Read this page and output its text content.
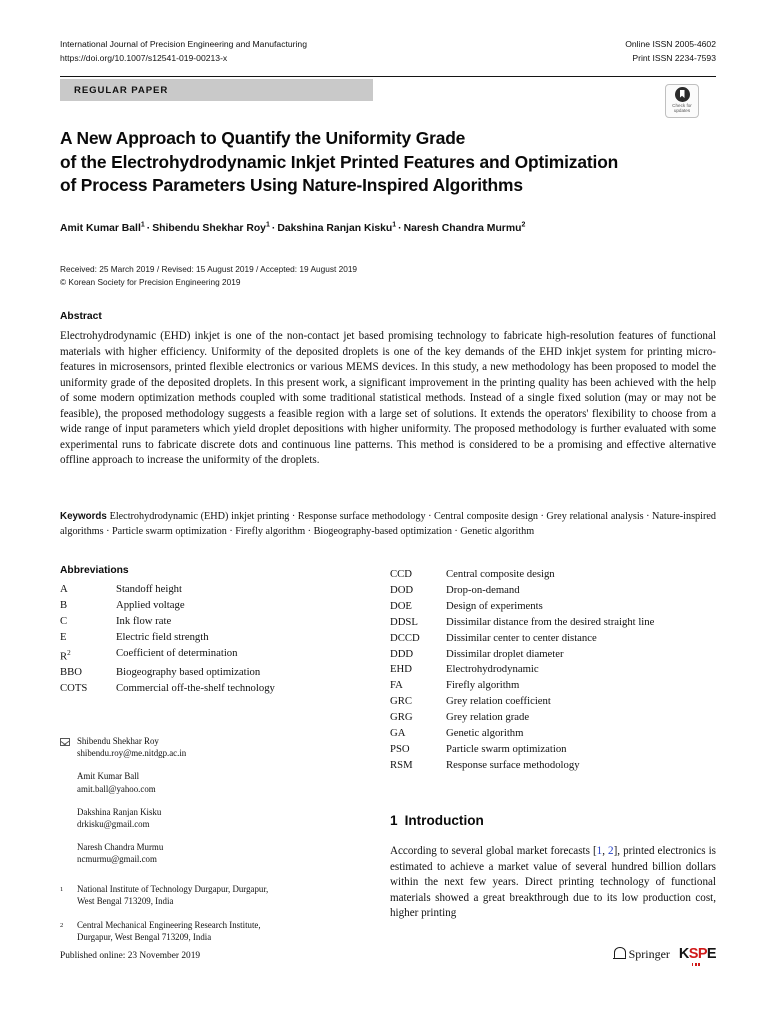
International Journal of Precision Engineering and Manufacturing
https://doi.org/10.1007/s12541-019-00213-x
Online ISSN 2005-4602
Print ISSN 2234-7593
REGULAR PAPER
Check for
updates
A New Approach to Quantify the Uniformity Grade
of the Electrohydrodynamic Inkjet Printed Features and Optimization
of Process Parameters Using Nature-Inspired Algorithms
Amit Kumar Ball$^1$ · Shibendu Shekhar Roy$^1$ · Dakshina Ranjan Kisku$^1$ · Naresh Chandra Murmu$^2$
Received: 25 March 2019 / Revised: 15 August 2019 / Accepted: 19 August 2019
© Korean Society for Precision Engineering 2019
Abstract
Electrohydrodynamic (EHD) inkjet is one of the non-contact jet based promising technology to fabricate high-resolution features of functional materials with higher efficiency. Uniformity of the deposited droplets is one of the key demands of the EHD inkjet system for printing micro-features in microsensors, printed flexible electronics or various MEMS devices. In this study, a new methodology has been proposed to model the uniformity grade of the deposited droplets. In this present work, a significant improvement in the printing quality has been achieved with the help of some modern optimization methods coupled with some traditional statistical methods. Instead of a single fixed solution (may or may not be feasible), the proposed methodology suggests a feasible region with a large set of solutions. It extends the operators' flexibility to choose from a wide range of input parameters which yield droplet depositions with higher uniformity. The proposed methodology is further evaluated with some experimental runs to fabricate discrete dots and continuous line patterns. This method is considered to be a promising and effective alternative offline approach to increase the uniformity of the droplets.
Keywords Electrohydrodynamic (EHD) inkjet printing · Response surface methodology · Central composite design · Grey relational analysis · Nature-inspired algorithms · Particle swarm optimization · Firefly algorithm · Biogeography-based optimization · Genetic algorithm
Abbreviations
A	Standoff height
B	Applied voltage
C	Ink flow rate
E	Electric field strength
$R^2$	Coefficient of determination
BBO	Biogeography based optimization
COTS	Commercial off-the-shelf technology
CCD	Central composite design
DOD	Drop-on-demand
DOE	Design of experiments
DDSL	Dissimilar distance from the desired straight line
DCCD	Dissimilar center to center distance
DDD	Dissimilar droplet diameter
EHD	Electrohydrodynamic
FA	Firefly algorithm
GRC	Grey relation coefficient
GRG	Grey relation grade
GA	Genetic algorithm
PSO	Particle swarm optimization
RSM	Response surface methodology
Shibendu Shekhar Roy
shibendu.roy@me.nitdgp.ac.in
Amit Kumar Ball
amit.ball@yahoo.com
Dakshina Ranjan Kisku
drkisku@gmail.com
Naresh Chandra Murmu
ncmurmu@gmail.com
1	National Institute of Technology Durgapur, Durgapur,
West Bengal 713209, India
2	Central Mechanical Engineering Research Institute,
Durgapur, West Bengal 713209, India
1 Introduction
According to several global market forecasts [1, 2], printed electronics is estimated to achieve a market value of several hundred billion dollars within the next few years. Direct printing technology of functional materials showed a great breakthrough due to its low production cost, higher printing
Published online: 23 November 2019	Springer KSPE
